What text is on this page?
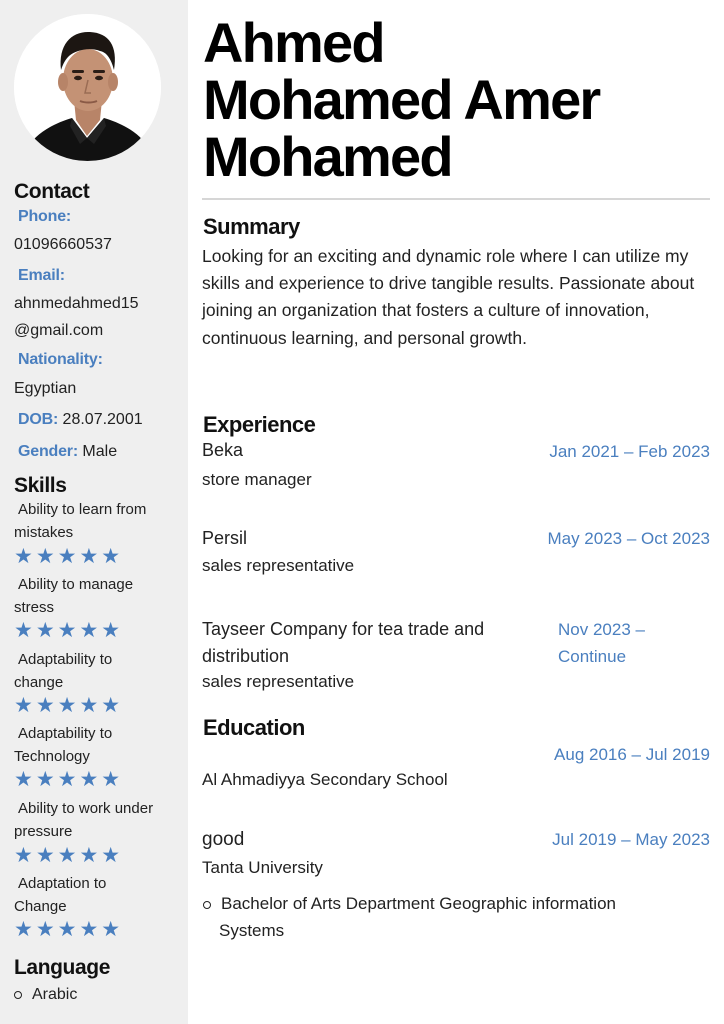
Contact
Phone:
01096660537
Email:
ahnmedahmed15
@gmail.com
Nationality:
Egyptian
DOB: 28.07.2001
Gender: Male
Skills
Ability to learn from
mistakes
★★★★★
Ability to manage
stress
★★★★★
Adaptability to
change
★★★★★
Adaptability to
Technology
★★★★★
Ability to work under
pressure
★★★★★
Adaptation to
Change
★★★★★
Language
Arabic
Ahmed
Mohamed Amer
Mohamed
Summary
Looking for an exciting and dynamic role where I can utilize my skills and experience to drive tangible results. Passionate about joining an organization that fosters a culture of innovation, continuous learning, and personal growth.
Experience
Beka	Jan 2021 – Feb 2023
store manager
Persil	May 2023 – Oct 2023
sales representative
Tayseer Company for tea trade and
distribution
Nov 2023 –
Continue
sales representative
Education
Aug 2016 – Jul 2019
Al Ahmadiyya Secondary School
good	Jul 2019 – May 2023
Tanta University
Bachelor of Arts Department Geographic information
Systems
